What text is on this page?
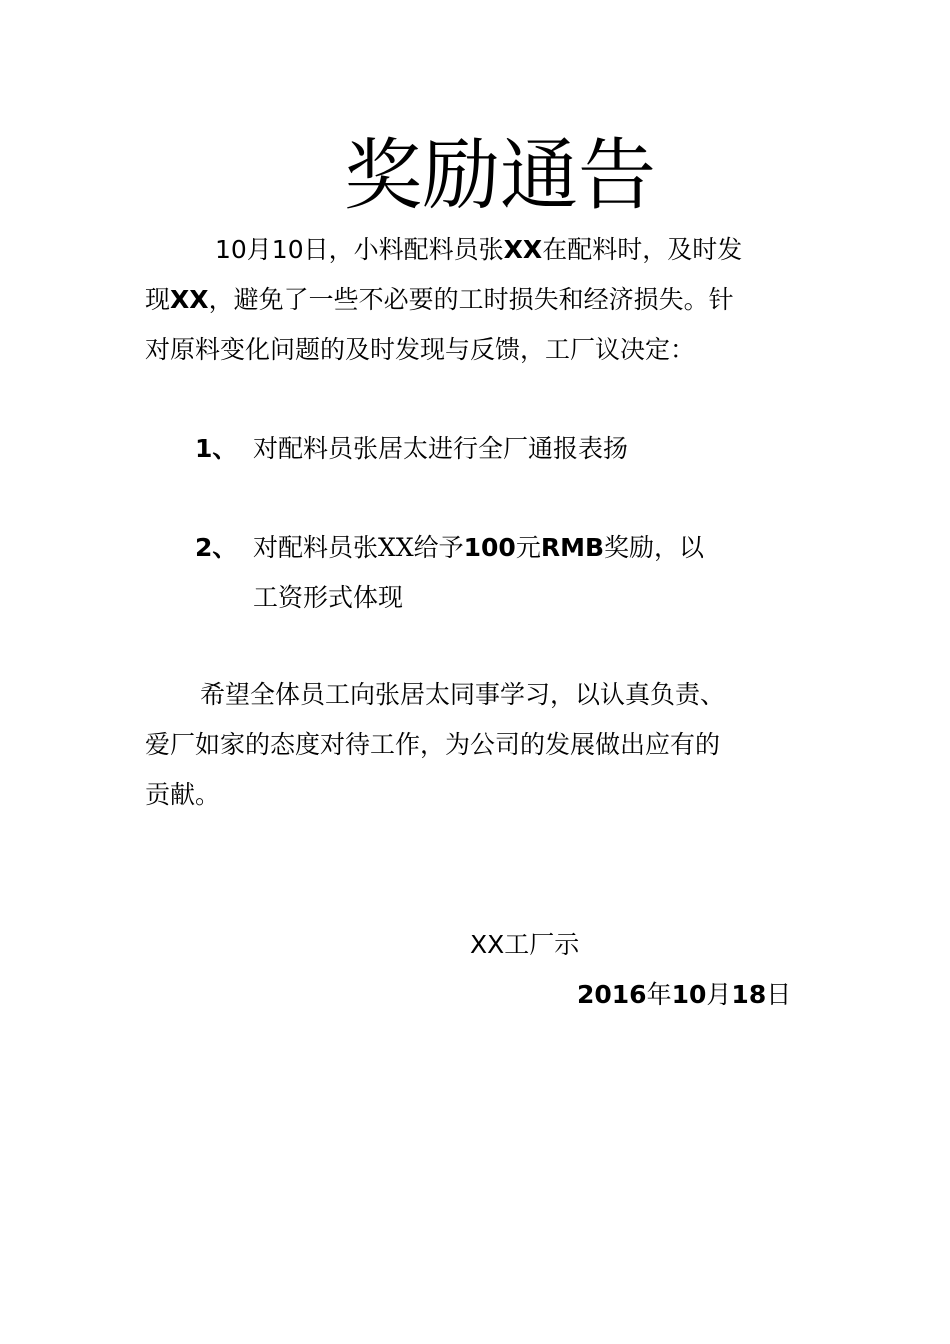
奖励通告

10月10日，小料配料员张XX在配料时，及时发
现XX，避免了一些不必要的工时损失和经济损失。针
对原料变化问题的及时发现与反馈，工厂议决定：

1、 对配料员张居太进行全厂通报表扬
2、 对配料员张XX给予100元RMB奖励，以
工资形式体现

希望全体员工向张居太同事学习，以认真负责、
爱厂如家的态度对待工作，为公司的发展做出应有的
贡献。

XX工厂示
2016年10月18日
